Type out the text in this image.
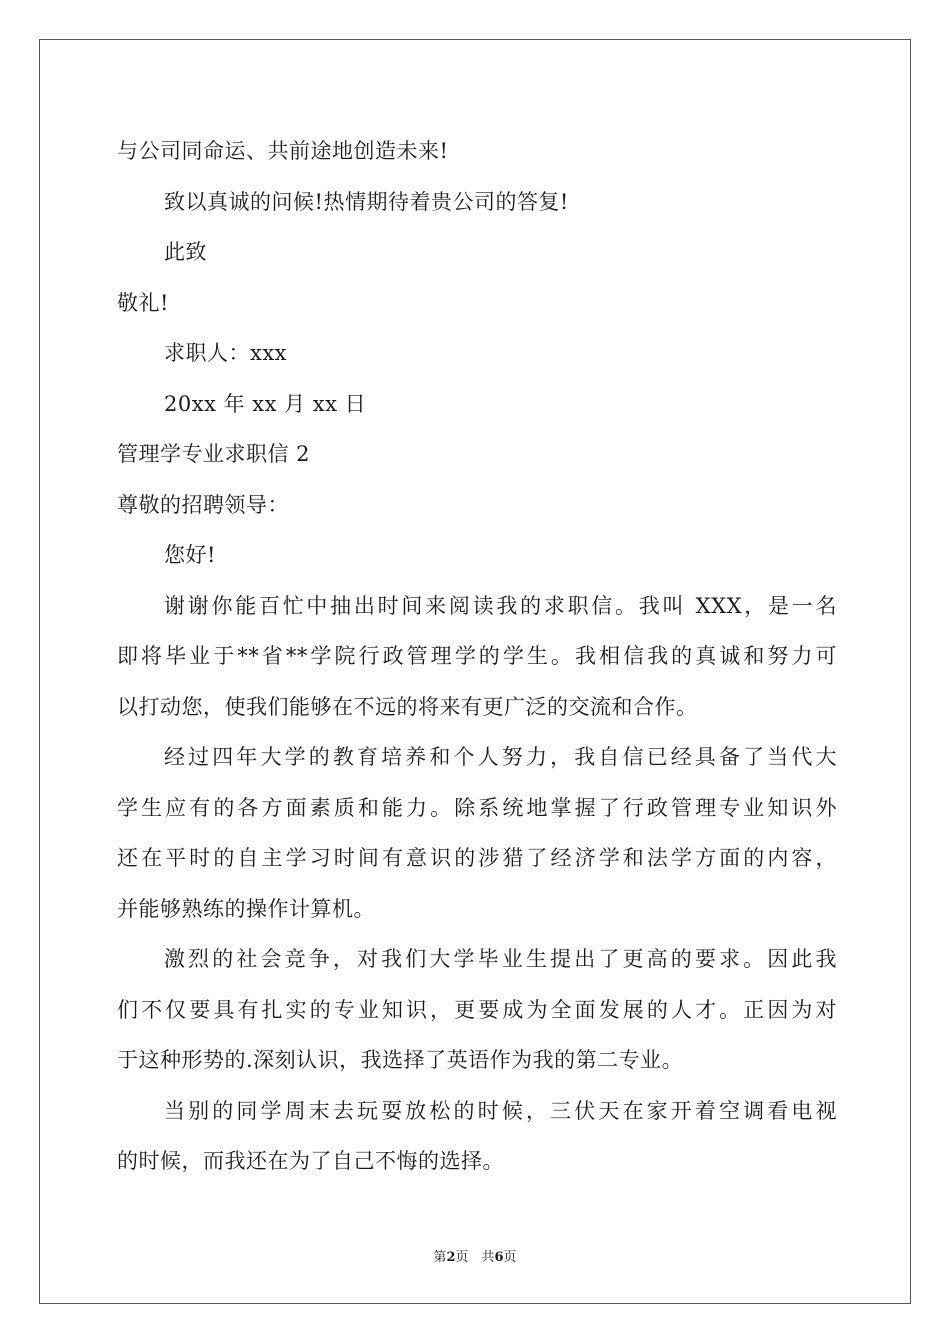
与公司同命运、共前途地创造未来!
致以真诚的问候!热情期待着贵公司的答复!
此致
敬礼!
求职人：xxx
20xx 年 xx 月 xx 日
管理学专业求职信 2
尊敬的招聘领导：
您好!
谢谢你能百忙中抽出时间来阅读我的求职信。我叫 XXX，是一名
即将毕业于**省**学院行政管理学的学生。我相信我的真诚和努力可
以打动您，使我们能够在不远的将来有更广泛的交流和合作。
经过四年大学的教育培养和个人努力，我自信已经具备了当代大
学生应有的各方面素质和能力。除系统地掌握了行政管理专业知识外
还在平时的自主学习时间有意识的涉猎了经济学和法学方面的内容，
并能够熟练的操作计算机。
激烈的社会竞争，对我们大学毕业生提出了更高的要求。因此我
们不仅要具有扎实的专业知识，更要成为全面发展的人才。正因为对
于这种形势的.深刻认识，我选择了英语作为我的第二专业。
当别的同学周末去玩耍放松的时候，三伏天在家开着空调看电视
的时候，而我还在为了自己不悔的选择。
第2页　共6页
